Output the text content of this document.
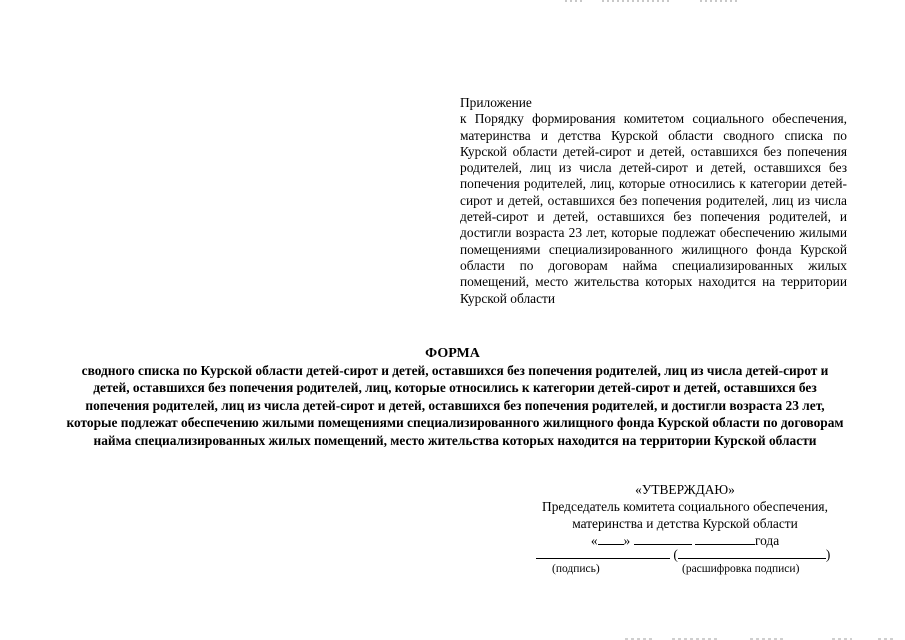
Приложение
к Порядку формирования комитетом социального обеспечения, материнства и детства Курской области сводного списка по Курской области детей-сирот и детей, оставшихся без попечения родителей, лиц из числа детей-сирот и детей, оставшихся без попечения родителей, лиц, которые относились к категории детей-сирот и детей, оставшихся без попечения родителей, лиц из числа детей-сирот и детей, оставшихся без попечения родителей, и достигли возраста 23 лет, которые подлежат обеспечению жилыми помещениями специализированного жилищного фонда Курской области по договорам найма специализированных жилых помещений, место жительства которых находится на территории Курской области
ФОРМА
сводного списка по Курской области детей-сирот и детей, оставшихся без попечения родителей, лиц из числа детей-сирот и детей, оставшихся без попечения родителей, лиц, которые относились к категории детей-сирот и детей, оставшихся без попечения родителей, лиц из числа детей-сирот и детей, оставшихся без попечения родителей, и достигли возраста 23 лет, которые подлежат обеспечению жилыми помещениями специализированного жилищного фонда Курской области по договорам найма специализированных жилых помещений, место жительства которых находится на территории Курской области
«УТВЕРЖДАЮ»
Председатель комитета социального обеспечения,
материнства и детства Курской области
« »	года
(	)
(подпись)	(расшифровка подписи)
